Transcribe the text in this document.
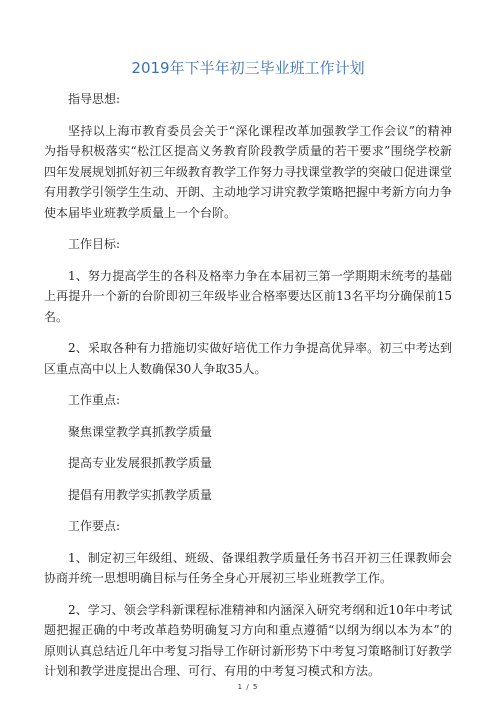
2019年下半年初三毕业班工作计划

指导思想:

坚持以上海市教育委员会关于“深化课程改革加强教学工作会议”的精神为指导积极落实“松江区提高义务教育阶段教学质量的若干要求”围绕学校新四年发展规划抓好初三年级教育教学工作努力寻找课堂教学的突破口促进课堂有用教学引领学生生动、开朗、主动地学习讲究教学策略把握中考新方向力争使本届毕业班教学质量上一个台阶。

工作目标:

1、努力提高学生的各科及格率力争在本届初三第一学期期末统考的基础上再提升一个新的台阶即初三年级毕业合格率要达区前13名平均分确保前15名。

2、采取各种有力措施切实做好培优工作力争提高优异率。初三中考达到区重点高中以上人数确保30人争取35人。

工作重点:

聚焦课堂教学真抓教学质量

提高专业发展狠抓教学质量

提倡有用教学实抓教学质量

工作要点:

1、制定初三年级组、班级、备课组教学质量任务书召开初三任课教师会协商并统一思想明确目标与任务全身心开展初三毕业班教学工作。

2、学习、领会学科新课程标准精神和内涵深入研究考纲和近10年中考试题把握正确的中考改革趋势明确复习方向和重点遵循“以纲为纲以本为本”的原则认真总结近几年中考复习指导工作研讨新形势下中考复习策略制订好教学计划和教学进度提出合理、可行、有用的中考复习模式和方法。

1 / 5
